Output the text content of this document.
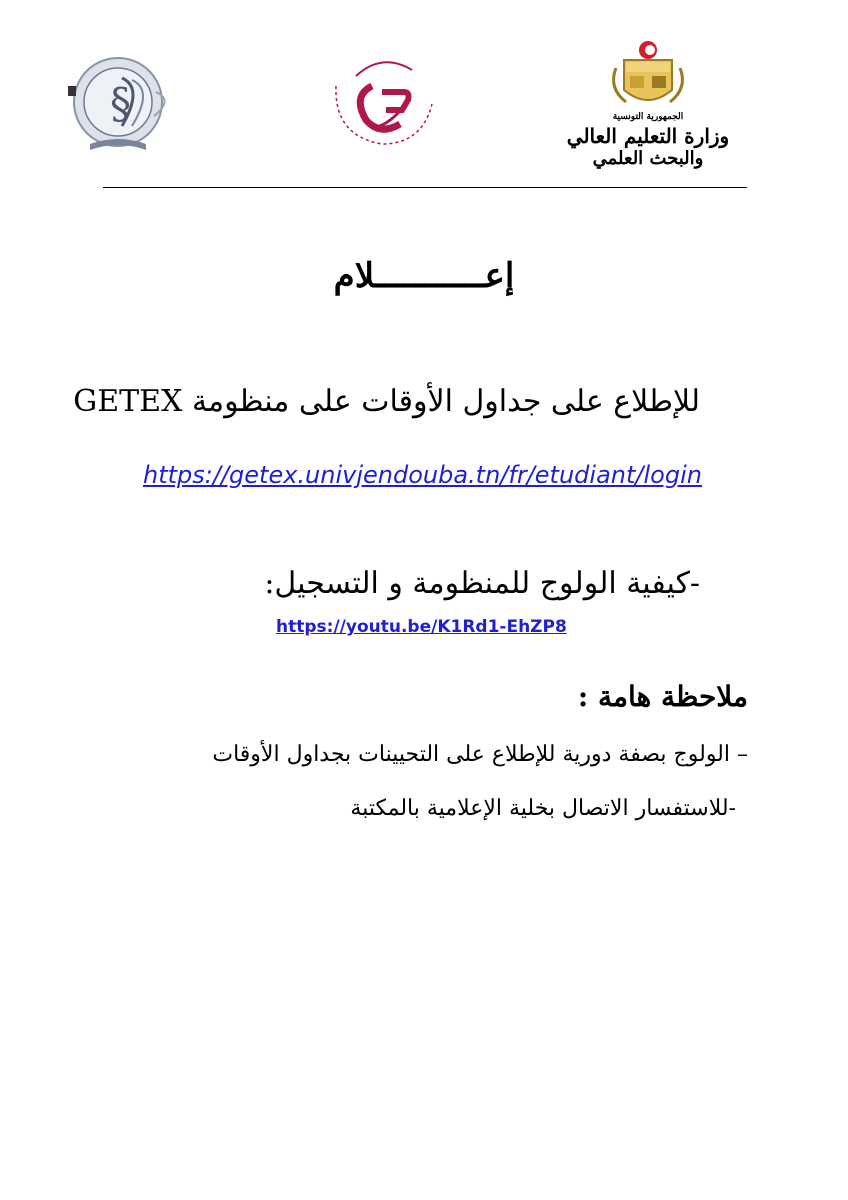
§	الجمهورية التونسية
وزارة التعليم العالي
والبحث العلمي
إعـــــــــــلام
للإطلاع على جداول الأوقات على منظومة GETEX
https://getex.univjendouba.tn/fr/etudiant/login
-كيفية الولوج للمنظومة و التسجيل:
https://youtu.be/K1Rd1-EhZP8
ملاحظة هامة :
– الولوج بصفة دورية للإطلاع على التحيينات بجداول الأوقات
-للاستفسار الاتصال بخلية الإعلامية بالمكتبة
